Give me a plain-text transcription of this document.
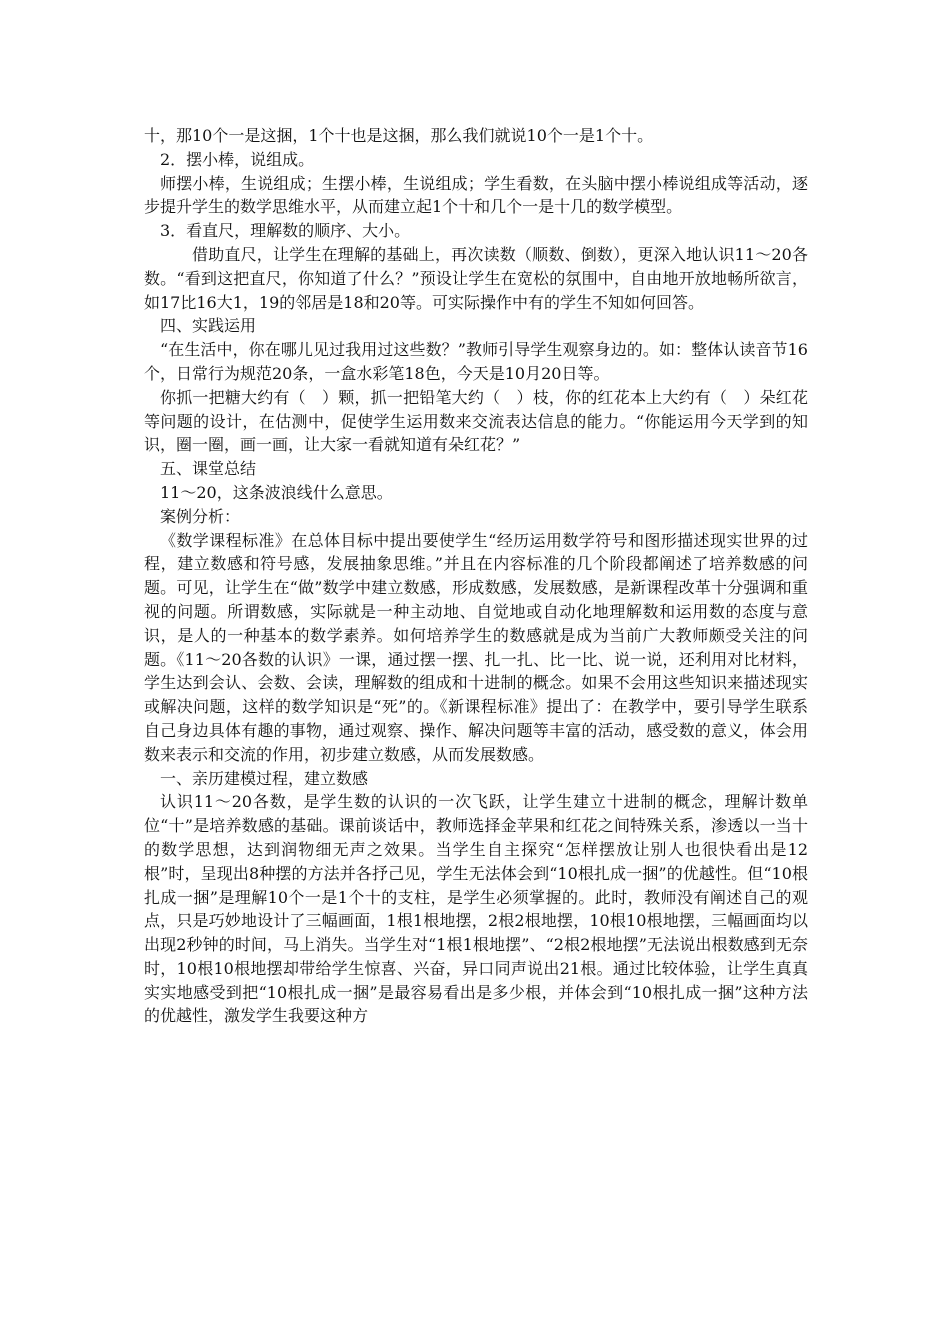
十，那10个一是这捆，1个十也是这捆，那么我们就说10个一是1个十。

2．摆小棒，说组成。

师摆小棒，生说组成；生摆小棒，生说组成；学生看数，在头脑中摆小棒说组成等活动，逐步提升学生的数学思维水平，从而建立起1个十和几个一是十几的数学模型。

3．看直尺，理解数的顺序、大小。

借助直尺，让学生在理解的基础上，再次读数（顺数、倒数），更深入地认识11～20各数。“看到这把直尺，你知道了什么？”预设让学生在宽松的氛围中，自由地开放地畅所欲言，如17比16大1，19的邻居是18和20等。可实际操作中有的学生不知如何回答。

四、实践运用

“在生活中，你在哪儿见过我用过这些数？”教师引导学生观察身边的。如：整体认读音节16个，日常行为规范20条，一盒水彩笔18色，今天是10月20日等。

你抓一把糖大约有（　）颗，抓一把铅笔大约（　）枝，你的红花本上大约有（　）朵红花等问题的设计，在估测中，促使学生运用数来交流表达信息的能力。“你能运用今天学到的知识，圈一圈，画一画，让大家一看就知道有朵红花？”

五、课堂总结

11～20，这条波浪线什么意思。

案例分析：

《数学课程标准》在总体目标中提出要使学生“经历运用数学符号和图形描述现实世界的过程，建立数感和符号感，发展抽象思维。”并且在内容标准的几个阶段都阐述了培养数感的问题。可见，让学生在“做”数学中建立数感，形成数感，发展数感，是新课程改革十分强调和重视的问题。所谓数感，实际就是一种主动地、自觉地或自动化地理解数和运用数的态度与意识，是人的一种基本的数学素养。如何培养学生的数感就是成为当前广大教师颇受关注的问题。《11～20各数的认识》一课，通过摆一摆、扎一扎、比一比、说一说，还利用对比材料，学生达到会认、会数、会读，理解数的组成和十进制的概念。如果不会用这些知识来描述现实或解决问题，这样的数学知识是“死”的。《新课程标准》提出了：在教学中，要引导学生联系自己身边具体有趣的事物，通过观察、操作、解决问题等丰富的活动，感受数的意义，体会用数来表示和交流的作用，初步建立数感，从而发展数感。

一、亲历建模过程，建立数感

认识11～20各数，是学生数的认识的一次飞跃，让学生建立十进制的概念，理解计数单位“十”是培养数感的基础。课前谈话中，教师选择金苹果和红花之间特殊关系，渗透以一当十的数学思想，达到润物细无声之效果。当学生自主探究“怎样摆放让别人也很快看出是12根”时，呈现出8种摆的方法并各抒己见，学生无法体会到“10根扎成一捆”的优越性。但“10根扎成一捆”是理解10个一是1个十的支柱，是学生必须掌握的。此时，教师没有阐述自己的观点，只是巧妙地设计了三幅画面，1根1根地摆，2根2根地摆，10根10根地摆，三幅画面均以出现2秒钟的时间，马上消失。当学生对“1根1根地摆”、“2根2根地摆”无法说出根数感到无奈时，10根10根地摆却带给学生惊喜、兴奋，异口同声说出21根。通过比较体验，让学生真真实实地感受到把“10根扎成一捆”是最容易看出是多少根，并体会到“10根扎成一捆”这种方法的优越性，激发学生我要这种方
